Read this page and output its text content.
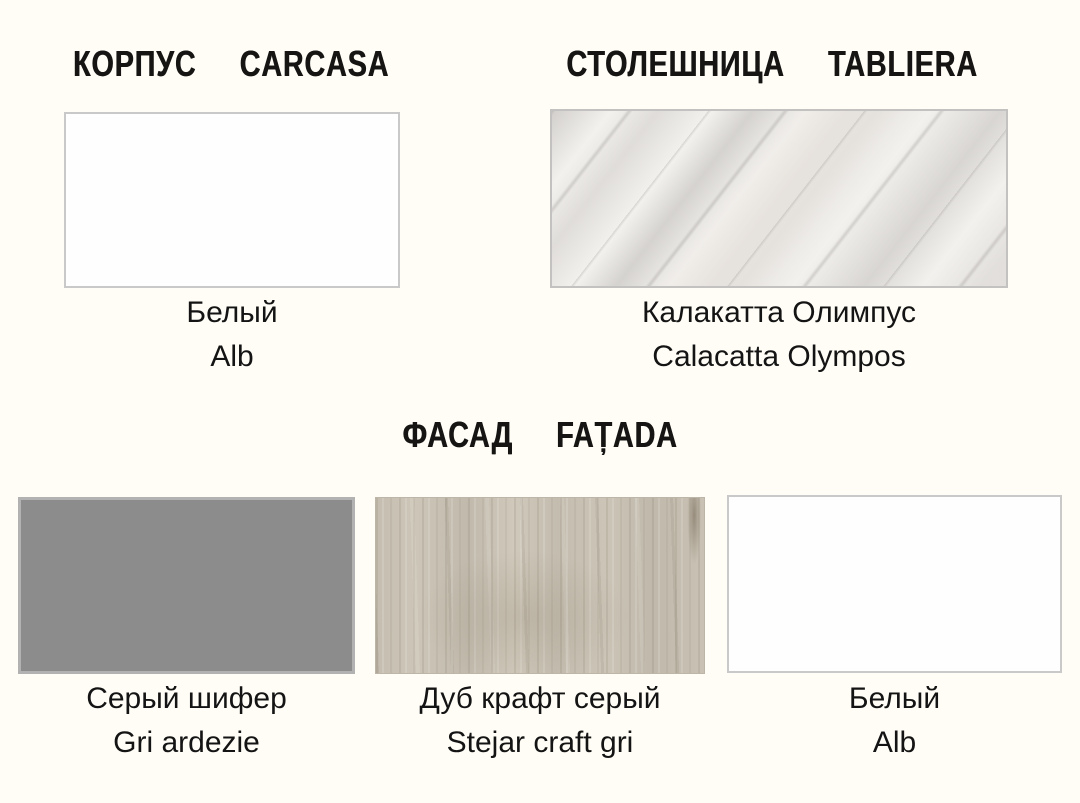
КОРПУС CARCASA
Белый
Alb
СТОЛЕШНИЦА TABLIERA
Калакатта Олимпус
Calacatta Olympos
ФАСАД FAȚADA
Серый шифер
Gri ardezie
Дуб крафт серый
Stejar craft gri
Белый
Alb
